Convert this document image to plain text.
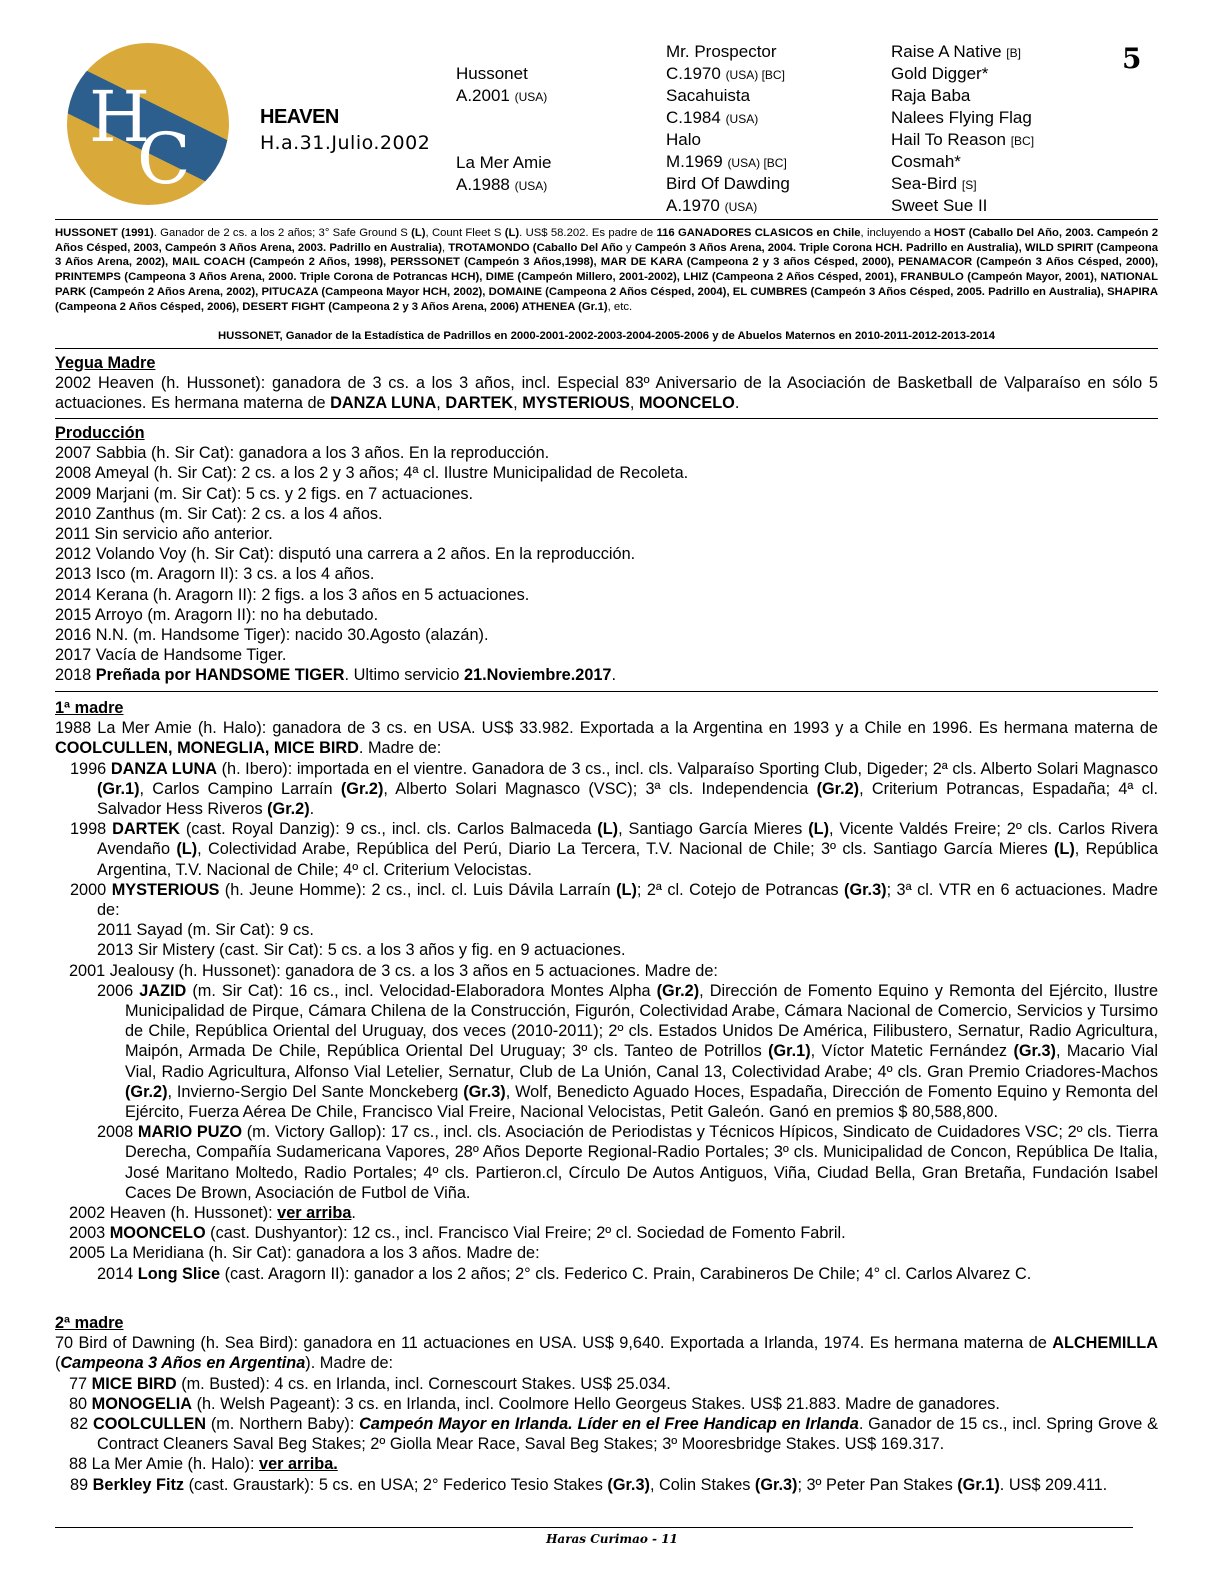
H
C
HEAVEN
H.a.31.Julio.2002
5
Hussonet
A.2001 (USA)
La Mer Amie
A.1988 (USA)
Mr. Prospector
C.1970 (USA) [BC]
Sacahuista
C.1984 (USA)
Halo
M.1969 (USA) [BC]
Bird Of Dawding
A.1970 (USA)
Raise A Native [B]
Gold Digger*
Raja Baba
Nalees Flying Flag
Hail To Reason [BC]
Cosmah*
Sea-Bird [S]
Sweet Sue II
HUSSONET (1991). Ganador de 2 cs. a los 2 años; 3° Safe Ground S (L), Count Fleet S (L). US$ 58.202. Es padre de 116 GANADORES CLASICOS en Chile, incluyendo a HOST (Caballo Del Año, 2003. Campeón 2 Años Césped, 2003, Campeón 3 Años Arena, 2003. Padrillo en Australia), TROTAMONDO (Caballo Del Año y Campeón 3 Años Arena, 2004. Triple Corona HCH. Padrillo en Australia), WILD SPIRIT (Campeona 3 Años Arena, 2002), MAIL COACH (Campeón 2 Años, 1998), PERSSONET (Campeón 3 Años,1998), MAR DE KARA (Campeona 2 y 3 años Césped, 2000), PENAMACOR (Campeón 3 Años Césped, 2000), PRINTEMPS (Campeona 3 Años Arena, 2000. Triple Corona de Potrancas HCH), DIME (Campeón Millero, 2001-2002), LHIZ (Campeona 2 Años Césped, 2001), FRANBULO (Campeón Mayor, 2001), NATIONAL PARK (Campeón 2 Años Arena, 2002), PITUCAZA (Campeona Mayor HCH, 2002), DOMAINE (Campeona 2 Años Césped, 2004), EL CUMBRES (Campeón 3 Años Césped, 2005. Padrillo en Australia), SHAPIRA (Campeona 2 Años Césped, 2006), DESERT FIGHT (Campeona 2 y 3 Años Arena, 2006) ATHENEA (Gr.1), etc.
HUSSONET, Ganador de la Estadística de Padrillos en 2000-2001-2002-2003-2004-2005-2006 y de Abuelos Maternos en 2010-2011-2012-2013-2014
Yegua Madre
2002 Heaven (h. Hussonet): ganadora de 3 cs. a los 3 años, incl. Especial 83º Aniversario de la Asociación de Basketball de Valparaíso en sólo 5 actuaciones. Es hermana materna de DANZA LUNA, DARTEK, MYSTERIOUS, MOONCELO.
Producción
2007 Sabbia (h. Sir Cat): ganadora a los 3 años. En la reproducción.
2008 Ameyal (h. Sir Cat): 2 cs. a los 2 y 3 años; 4ª cl. Ilustre Municipalidad de Recoleta.
2009 Marjani (m. Sir Cat): 5 cs. y 2 figs. en 7 actuaciones.
2010 Zanthus (m. Sir Cat): 2 cs. a los 4 años.
2011 Sin servicio año anterior.
2012 Volando Voy (h. Sir Cat): disputó una carrera a 2 años. En la reproducción.
2013 Isco (m. Aragorn II): 3 cs. a los 4 años.
2014 Kerana (h. Aragorn II): 2 figs. a los 3 años en 5 actuaciones.
2015 Arroyo (m. Aragorn II): no ha debutado.
2016 N.N. (m. Handsome Tiger): nacido 30.Agosto (alazán).
2017 Vacía de Handsome Tiger.
2018 Preñada por HANDSOME TIGER. Ultimo servicio 21.Noviembre.2017.
1ª madre
1988 La Mer Amie (h. Halo): ganadora de 3 cs. en USA. US$ 33.982. Exportada a la Argentina en 1993 y a Chile en 1996. Es hermana materna de COOLCULLEN, MONEGLIA, MICE BIRD. Madre de:
1996 DANZA LUNA (h. Ibero): importada en el vientre. Ganadora de 3 cs., incl. cls. Valparaíso Sporting Club, Digeder; 2ª cls. Alberto Solari Magnasco (Gr.1), Carlos Campino Larraín (Gr.2), Alberto Solari Magnasco (VSC); 3ª cls. Independencia (Gr.2), Criterium Potrancas, Espadaña; 4ª cl. Salvador Hess Riveros (Gr.2).
1998 DARTEK (cast. Royal Danzig): 9 cs., incl. cls. Carlos Balmaceda (L), Santiago García Mieres (L), Vicente Valdés Freire; 2º cls. Carlos Rivera Avendaño (L), Colectividad Arabe, República del Perú, Diario La Tercera, T.V. Nacional de Chile; 3º cls. Santiago García Mieres (L), República Argentina, T.V. Nacional de Chile; 4º cl. Criterium Velocistas.
2000 MYSTERIOUS (h. Jeune Homme): 2 cs., incl. cl. Luis Dávila Larraín (L); 2ª cl. Cotejo de Potrancas (Gr.3); 3ª cl. VTR en 6 actuaciones. Madre de:
2011 Sayad (m. Sir Cat): 9 cs.
2013 Sir Mistery (cast. Sir Cat): 5 cs. a los 3 años y fig. en 9 actuaciones.
2001 Jealousy (h. Hussonet): ganadora de 3 cs. a los 3 años en 5 actuaciones. Madre de:
2006 JAZID (m. Sir Cat): 16 cs., incl. Velocidad-Elaboradora Montes Alpha (Gr.2), Dirección de Fomento Equino y Remonta del Ejército, Ilustre Municipalidad de Pirque, Cámara Chilena de la Construcción, Figurón, Colectividad Arabe, Cámara Nacional de Comercio, Servicios y Tursimo de Chile, República Oriental del Uruguay, dos veces (2010-2011); 2º cls. Estados Unidos De América, Filibustero, Sernatur, Radio Agricultura, Maipón, Armada De Chile, República Oriental Del Uruguay; 3º cls. Tanteo de Potrillos (Gr.1), Víctor Matetic Fernández (Gr.3), Macario Vial Vial, Radio Agricultura, Alfonso Vial Letelier, Sernatur, Club de La Unión, Canal 13, Colectividad Arabe; 4º cls. Gran Premio Criadores-Machos (Gr.2), Invierno-Sergio Del Sante Monckeberg (Gr.3), Wolf, Benedicto Aguado Hoces, Espadaña, Dirección de Fomento Equino y Remonta del Ejército, Fuerza Aérea De Chile, Francisco Vial Freire, Nacional Velocistas, Petit Galeón. Ganó en premios $ 80,588,800.
2008 MARIO PUZO (m. Victory Gallop): 17 cs., incl. cls. Asociación de Periodistas y Técnicos Hípicos, Sindicato de Cuidadores VSC; 2º cls. Tierra Derecha, Compañía Sudamericana Vapores, 28º Años Deporte Regional-Radio Portales; 3º cls. Municipalidad de Concon, República De Italia, José Maritano Moltedo, Radio Portales; 4º cls. Partieron.cl, Círculo De Autos Antiguos, Viña, Ciudad Bella, Gran Bretaña, Fundación Isabel Caces De Brown, Asociación de Futbol de Viña.
2002 Heaven (h. Hussonet): ver arriba.
2003 MOONCELO (cast. Dushyantor): 12 cs., incl. Francisco Vial Freire; 2º cl. Sociedad de Fomento Fabril.
2005 La Meridiana (h. Sir Cat): ganadora a los 3 años. Madre de:
2014 Long Slice (cast. Aragorn II): ganador a los 2 años; 2° cls. Federico C. Prain, Carabineros De Chile; 4° cl. Carlos Alvarez C.
2ª madre
70 Bird of Dawning (h. Sea Bird): ganadora en 11 actuaciones en USA. US$ 9,640. Exportada a Irlanda, 1974. Es hermana materna de ALCHEMILLA (Campeona 3 Años en Argentina). Madre de:
77 MICE BIRD (m. Busted): 4 cs. en Irlanda, incl. Cornescourt Stakes. US$ 25.034.
80 MONOGELIA (h. Welsh Pageant): 3 cs. en Irlanda, incl. Coolmore Hello Georgeus Stakes. US$ 21.883. Madre de ganadores.
82 COOLCULLEN (m. Northern Baby): Campeón Mayor en Irlanda. Líder en el Free Handicap en Irlanda. Ganador de 15 cs., incl. Spring Grove & Contract Cleaners Saval Beg Stakes; 2º Giolla Mear Race, Saval Beg Stakes; 3º Mooresbridge Stakes. US$ 169.317.
88 La Mer Amie (h. Halo): ver arriba.
89 Berkley Fitz (cast. Graustark): 5 cs. en USA; 2° Federico Tesio Stakes (Gr.3), Colin Stakes (Gr.3); 3º Peter Pan Stakes (Gr.1). US$ 209.411.
Haras Curimao - 11
